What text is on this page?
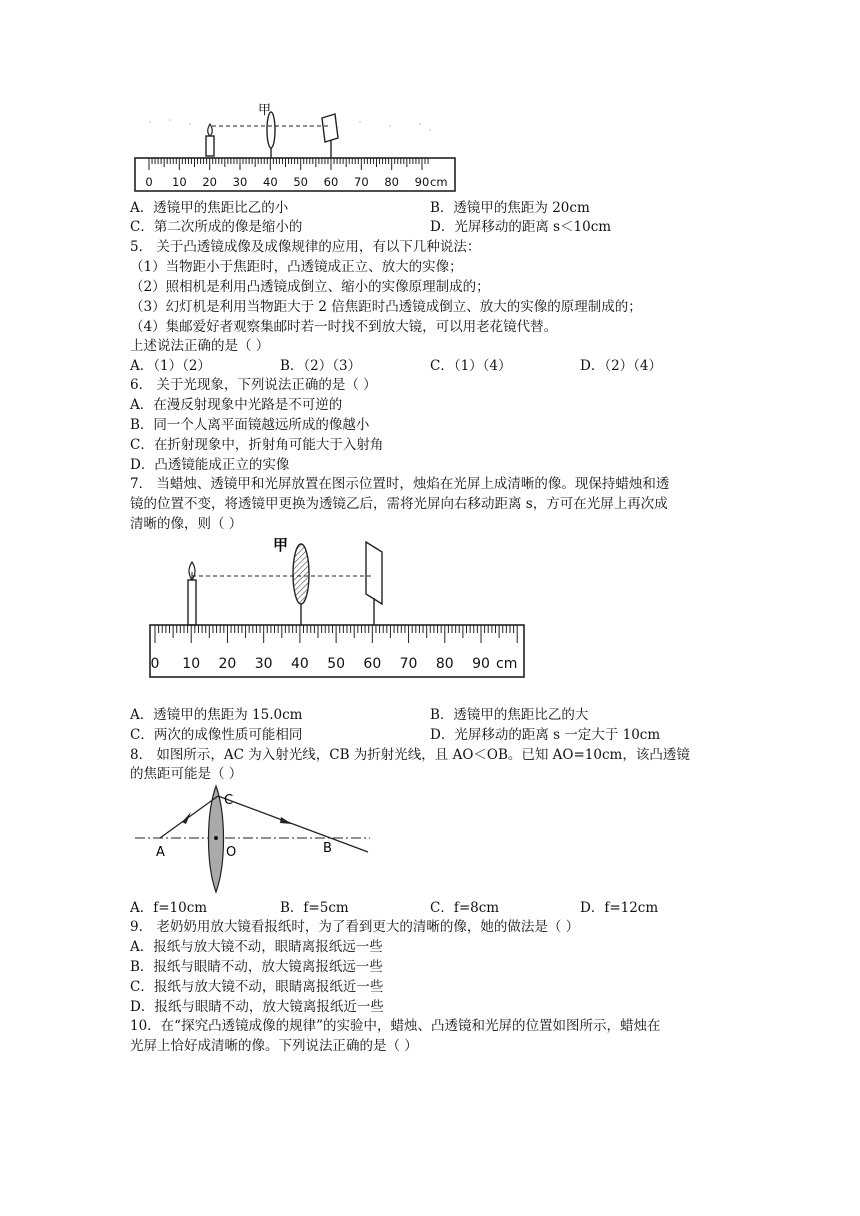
甲
0 10 20 30 40 50 60 70 80 90 cm
A．透镜甲的焦距比乙的小	B．透镜甲的焦距为 20cm
C．第二次所成的像是缩小的	D．光屏移动的距离 s＜10cm
5． 关于凸透镜成像及成像规律的应用，有以下几种说法：
（1）当物距小于焦距时，凸透镜成正立、放大的实像；
（2）照相机是利用凸透镜成倒立、缩小的实像原理制成的；
（3）幻灯机是利用当物距大于 2 倍焦距时凸透镜成倒立、放大的实像的原理制成的；
（4）集邮爱好者观察集邮时若一时找不到放大镜，可以用老花镜代替。
上述说法正确的是（ ）
A．（1）（2）	B．（2）（3）	C．（1）（4）	D．（2）（4）
6． 关于光现象，下列说法正确的是（ ）
A．在漫反射现象中光路是不可逆的
B．同一个人离平面镜越远所成的像越小
C．在折射现象中，折射角可能大于入射角
D．凸透镜能成正立的实像
7． 当蜡烛、透镜甲和光屏放置在图示位置时，烛焰在光屏上成清晰的像。现保持蜡烛和透
镜的位置不变，将透镜甲更换为透镜乙后，需将光屏向右移动距离 s，方可在光屏上再次成
清晰的像，则（ ）
甲
0 10 20 30 40 50 60 70 80 90 cm
A．透镜甲的焦距为 15.0cm	B．透镜甲的焦距比乙的大
C．两次的成像性质可能相同	D．光屏移动的距离 s 一定大于 10cm
8． 如图所示，AC 为入射光线，CB 为折射光线，且 AO＜OB。已知 AO=10cm，该凸透镜
的焦距可能是（ ）
A	O	B
C
A．f=10cm	B．f=5cm	C．f=8cm	D．f=12cm
9． 老奶奶用放大镜看报纸时，为了看到更大的清晰的像，她的做法是（ ）
A．报纸与放大镜不动，眼睛离报纸远一些
B．报纸与眼睛不动，放大镜离报纸远一些
C．报纸与放大镜不动，眼睛离报纸近一些
D．报纸与眼睛不动，放大镜离报纸近一些
10．在“探究凸透镜成像的规律”的实验中，蜡烛、凸透镜和光屏的位置如图所示，蜡烛在
光屏上恰好成清晰的像。下列说法正确的是（ ）
